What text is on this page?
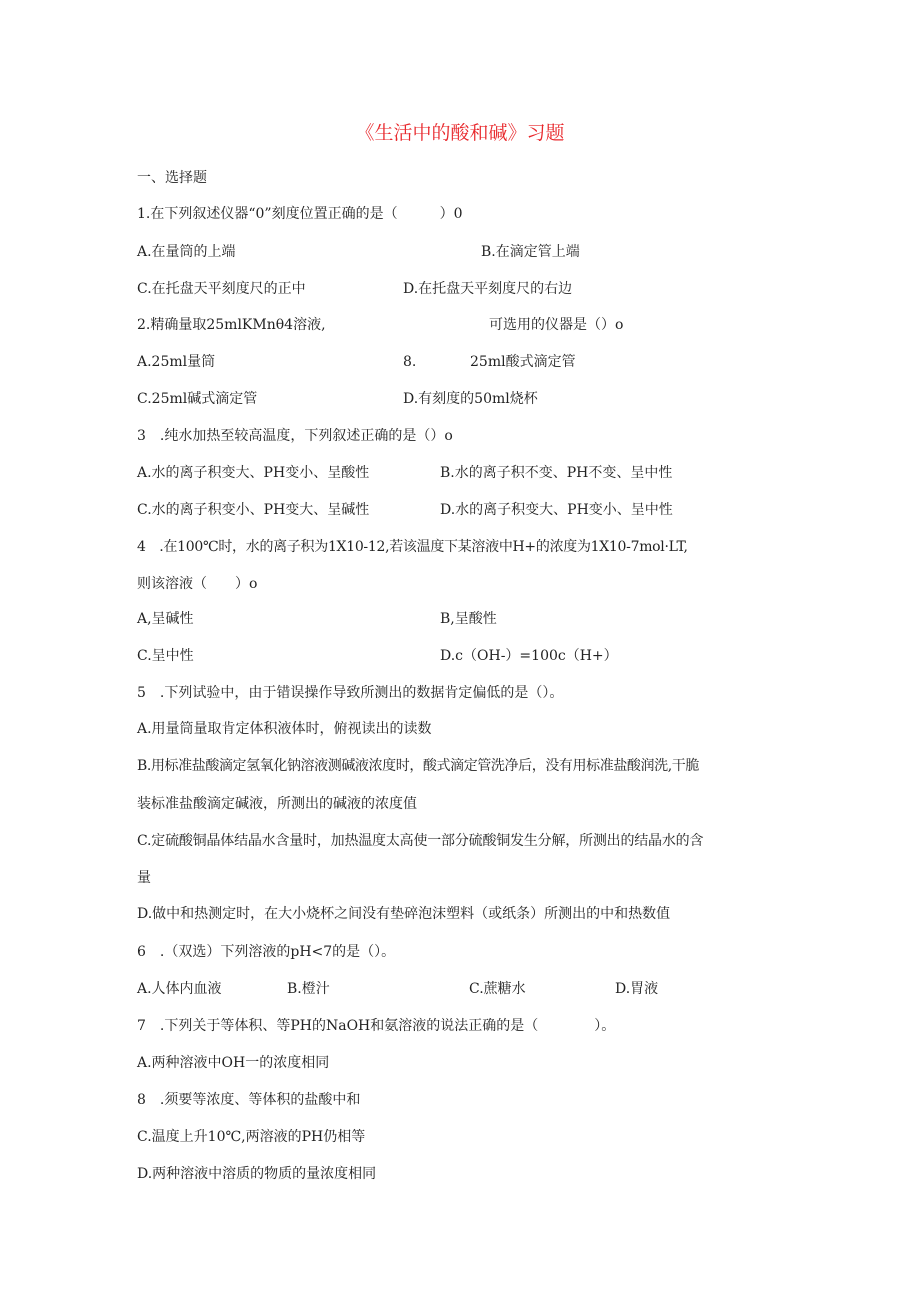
《生活中的酸和碱》习题
一、选择题
1.在下列叙述仪器“0”刻度位置正确的是（　　　）0
A.在量筒的上端	B.在滴定管上端
C.在托盘天平刻度尺的正中	D.在托盘天平刻度尺的右边
2.精确量取25mlKMnθ4溶液,	可选用的仪器是（）o
A.25ml量筒	8.	25ml酸式滴定管
C.25ml碱式滴定管	D.有刻度的50ml烧杯
3　.纯水加热至较高温度，下列叙述正确的是（）o
A.水的离子积变大、PH变小、呈酸性	B.水的离子积不变、PH不变、呈中性
C.水的离子积变小、PH变大、呈碱性	D.水的离子积变大、PH变小、呈中性
4　.在100℃时，水的离子积为1X10-12,若该温度下某溶液中H+的浓度为1X10-7mol·LT,
则该溶液（　　）o
A,呈碱性	B,呈酸性
C.呈中性	D.c（OH-）=100c（H+）
5　.下列试验中，由于错误操作导致所测出的数据肯定偏低的是（）。
A.用量筒量取肯定体积液体时，俯视读出的读数
B.用标准盐酸滴定氢氧化钠溶液测碱液浓度时，酸式滴定管洗净后，没有用标准盐酸润洗,干脆
装标准盐酸滴定碱液，所测出的碱液的浓度值
C.定硫酸铜晶体结晶水含量时，加热温度太高使一部分硫酸铜发生分解，所测出的结晶水的含
量
D.做中和热测定时，在大小烧杯之间没有垫碎泡沫塑料（或纸条）所测出的中和热数值
6　.（双选）下列溶液的pH<7的是（）。
A.人体内血液	B.橙汁	C.蔗糖水	D.胃液
7　.下列关于等体积、等PH的NaOH和氨溶液的说法正确的是（　　　　）。
A.两种溶液中OH一的浓度相同
8　.须要等浓度、等体积的盐酸中和
C.温度上升10℃,两溶液的PH仍相等
D.两种溶液中溶质的物质的量浓度相同
